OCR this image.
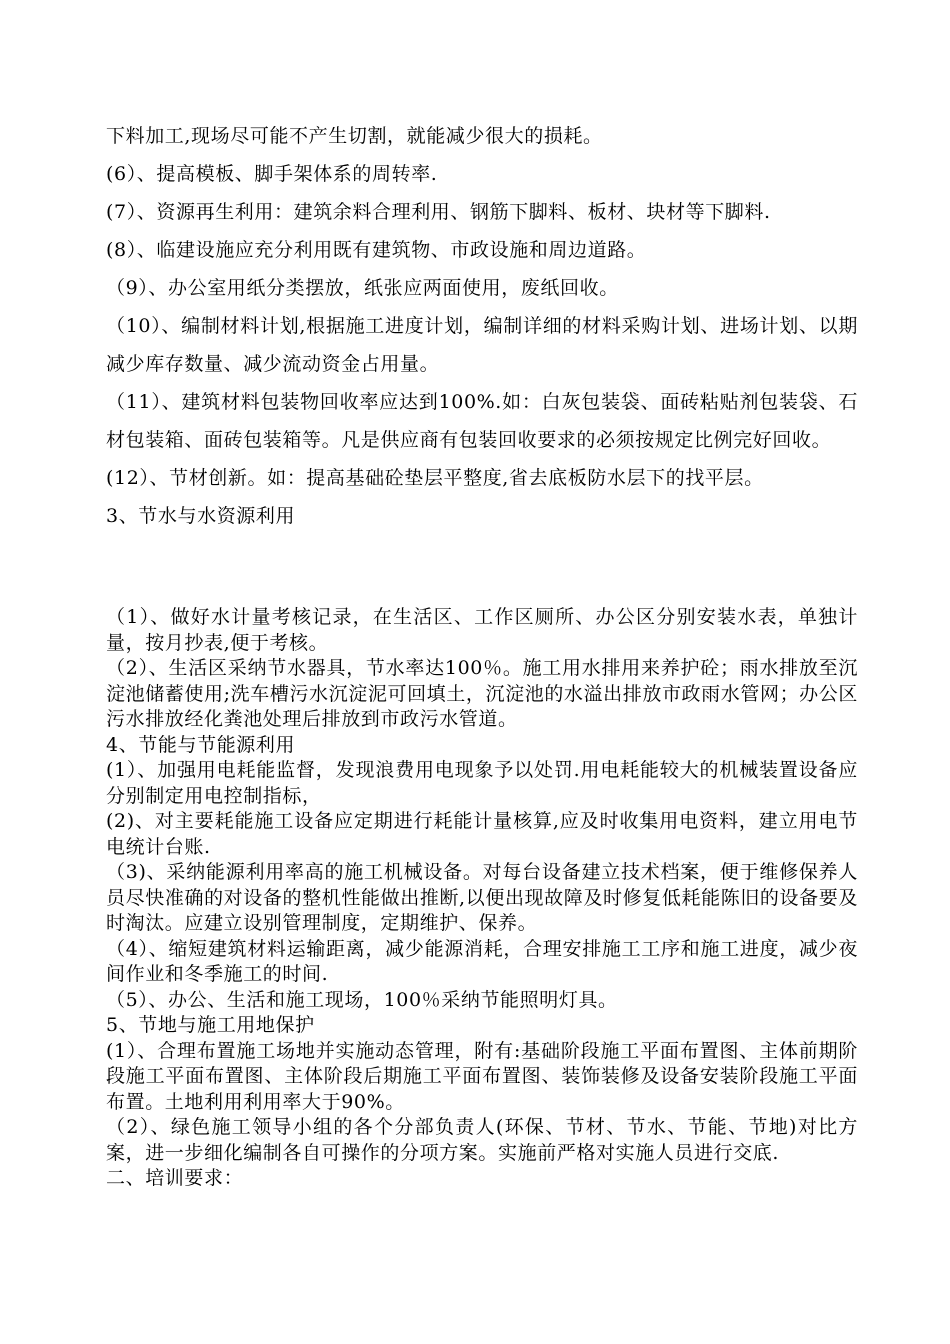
下料加工,现场尽可能不产生切割，就能减少很大的损耗。

(6）、提高模板、脚手架体系的周转率.

(7）、资源再生利用：建筑余料合理利用、钢筋下脚料、板材、块材等下脚料.

(8）、临建设施应充分利用既有建筑物、市政设施和周边道路。

（9）、办公室用纸分类摆放，纸张应两面使用，废纸回收。

（10）、编制材料计划,根据施工进度计划，编制详细的材料采购计划、进场计划、以期减少库存数量、减少流动资金占用量。

（11）、建筑材料包装物回收率应达到100%.如：白灰包装袋、面砖粘贴剂包装袋、石材包装箱、面砖包装箱等。凡是供应商有包装回收要求的必须按规定比例完好回收。

(12）、节材创新。如：提高基础砼垫层平整度,省去底板防水层下的找平层。

3、节水与水资源利用

（1）、做好水计量考核记录，在生活区、工作区厕所、办公区分别安装水表，单独计量，按月抄表,便于考核。

（2）、生活区采纳节水器具，节水率达100％。施工用水排用来养护砼；雨水排放至沉淀池储蓄使用;洗车槽污水沉淀泥可回填土，沉淀池的水溢出排放市政雨水管网；办公区污水排放经化粪池处理后排放到市政污水管道。

4、节能与节能源利用

(1）、加强用电耗能监督，发现浪费用电现象予以处罚.用电耗能较大的机械装置设备应分别制定用电控制指标，

(2)、对主要耗能施工设备应定期进行耗能计量核算,应及时收集用电资料，建立用电节电统计台账.

（3)、采纳能源利用率高的施工机械设备。对每台设备建立技术档案，便于维修保养人员尽快准确的对设备的整机性能做出推断,以便出现故障及时修复低耗能陈旧的设备要及时淘汰。应建立设别管理制度，定期维护、保养。

（4）、缩短建筑材料运输距离，减少能源消耗，合理安排施工工序和施工进度，减少夜间作业和冬季施工的时间.

（5）、办公、生活和施工现场，100％采纳节能照明灯具。

5、节地与施工用地保护

(1）、合理布置施工场地并实施动态管理，附有:基础阶段施工平面布置图、主体前期阶段施工平面布置图、主体阶段后期施工平面布置图、装饰装修及设备安装阶段施工平面布置。土地利用利用率大于90%。

（2）、绿色施工领导小组的各个分部负责人(环保、节材、节水、节能、节地)对比方案，进一步细化编制各自可操作的分项方案。实施前严格对实施人员进行交底.

二、培训要求：
